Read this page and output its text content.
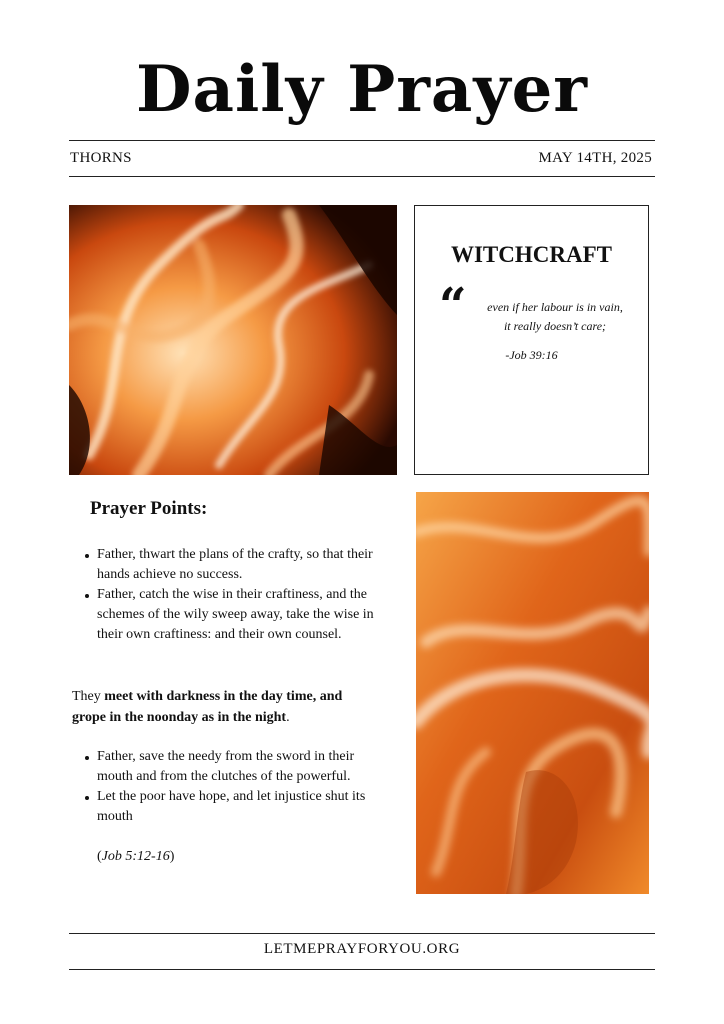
Daily Prayer
THORNS	MAY 14TH, 2025
WITCHCRAFT
“	even if her labour is in vain,
it really doesn’t care;
-Job 39:16
Prayer Points:
Father, thwart the plans of the crafty, so that their hands achieve no success.
Father, catch the wise in their craftiness, and the schemes of the wily sweep away, take the wise in their own craftiness: and their own counsel.

They meet with darkness in the day time, and grope in the noonday as in the night.

Father, save the needy from the sword in their mouth and from the clutches of the powerful.
Let the poor have hope, and let injustice shut its mouth
(Job 5:12-16)
LETMEPRAYFORYOU.ORG
